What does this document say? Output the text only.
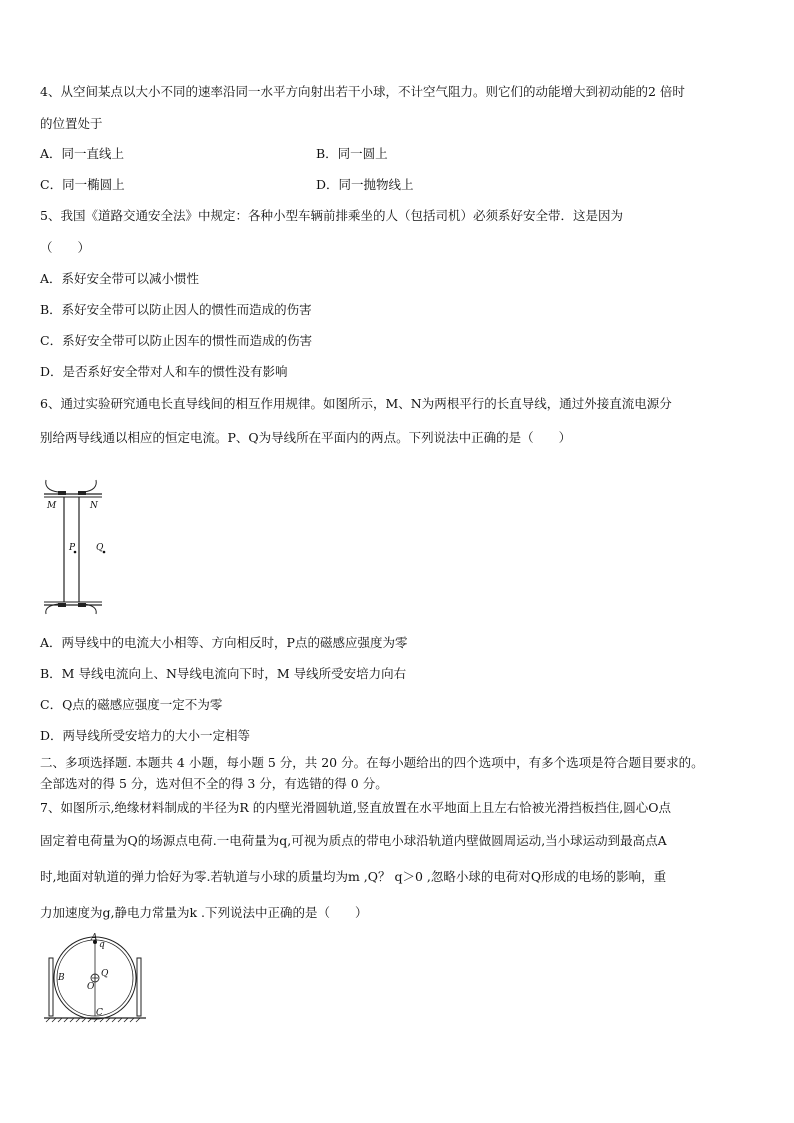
4、从空间某点以大小不同的速率沿同一水平方向射出若干小球，不计空气阻力。则它们的动能增大到初动能的2 倍时
的位置处于
A．同一直线上	B．同一圆上
C．同一椭圆上	D．同一抛物线上
5、我国《道路交通安全法》中规定：各种小型车辆前排乘坐的人（包括司机）必须系好安全带．这是因为
（　　）
A．系好安全带可以减小惯性
B．系好安全带可以防止因人的惯性而造成的伤害
C．系好安全带可以防止因车的惯性而造成的伤害
D．是否系好安全带对人和车的惯性没有影响
6、通过实验研究通电长直导线间的相互作用规律。如图所示，M、N为两根平行的长直导线，通过外接直流电源分
别给两导线通以相应的恒定电流。P、Q为导线所在平面内的两点。下列说法中正确的是（　　）
M	N
P Q
A．两导线中的电流大小相等、方向相反时，P点的磁感应强度为零
B．M 导线电流向上、N导线电流向下时，M 导线所受安培力向右
C．Q点的磁感应强度一定不为零
D．两导线所受安培力的大小一定相等
二、多项选择题. 本题共 4 小题，每小题 5 分，共 20 分。在每小题给出的四个选项中，有多个选项是符合题目要求的。
全部选对的得 5 分，选对但不全的得 3 分，有选错的得 0 分。
7、如图所示,绝缘材料制成的半径为R 的内壁光滑圆轨道,竖直放置在水平地面上且左右恰被光滑挡板挡住,圆心O点
固定着电荷量为Q的场源点电荷.一电荷量为q,可视为质点的带电小球沿轨道内壁做圆周运动,当小球运动到最高点A
时,地面对轨道的弹力恰好为零.若轨道与小球的质量均为m ,Q？ q＞0 ,忽略小球的电荷对Q形成的电场的影响，重
力加速度为g,静电力常量为k .下列说法中正确的是（　　）
A
q
B	Q
O
C
